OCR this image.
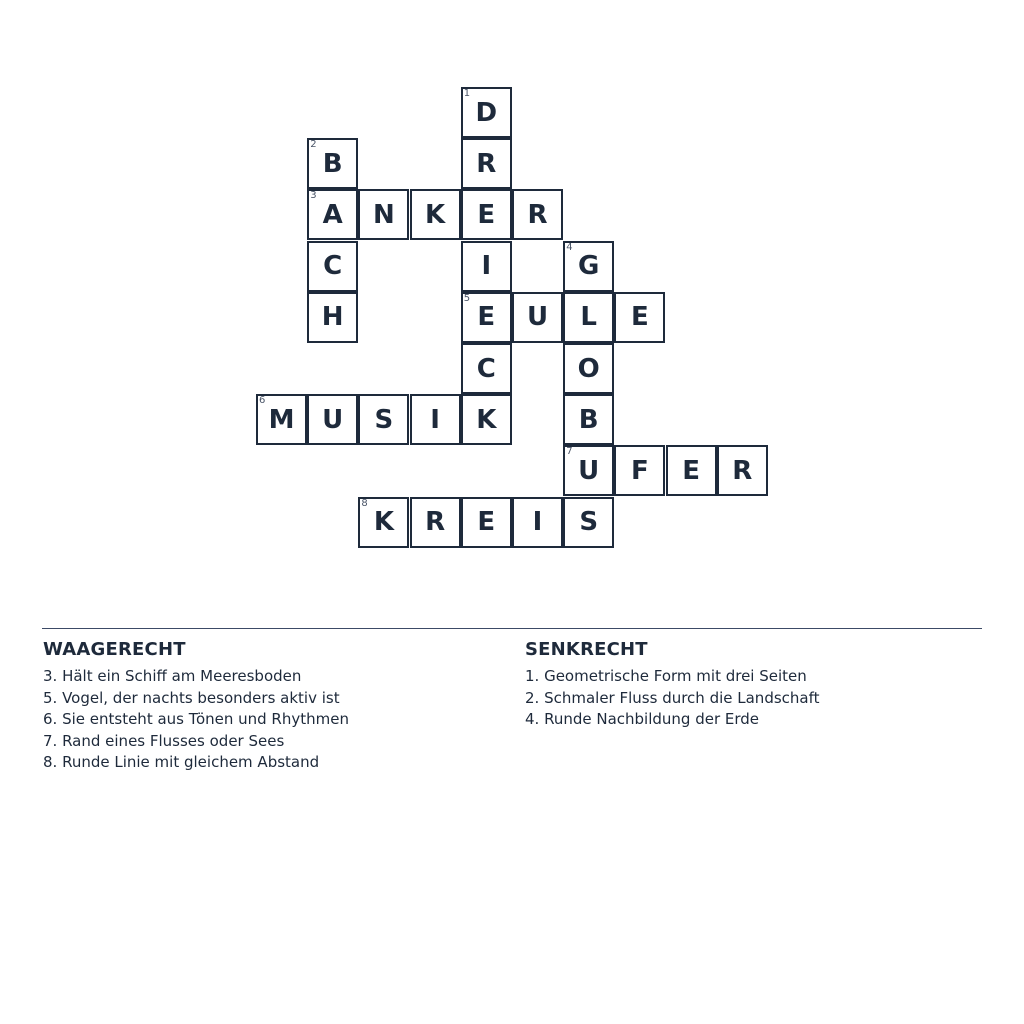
1
D
2
B	R
3
A	N	K	E	R
C	I
4
G
H
5
E	U	L	E
C	O
6
M	U	S	I	K	B
7
U	F	E	R
8
K	R	E	I	S
WAAGERECHT
3. Hält ein Schiff am Meeresboden
5. Vogel, der nachts besonders aktiv ist
6. Sie entsteht aus Tönen und Rhythmen
7. Rand eines Flusses oder Sees
8. Runde Linie mit gleichem Abstand
SENKRECHT
1. Geometrische Form mit drei Seiten
2. Schmaler Fluss durch die Landschaft
4. Runde Nachbildung der Erde
